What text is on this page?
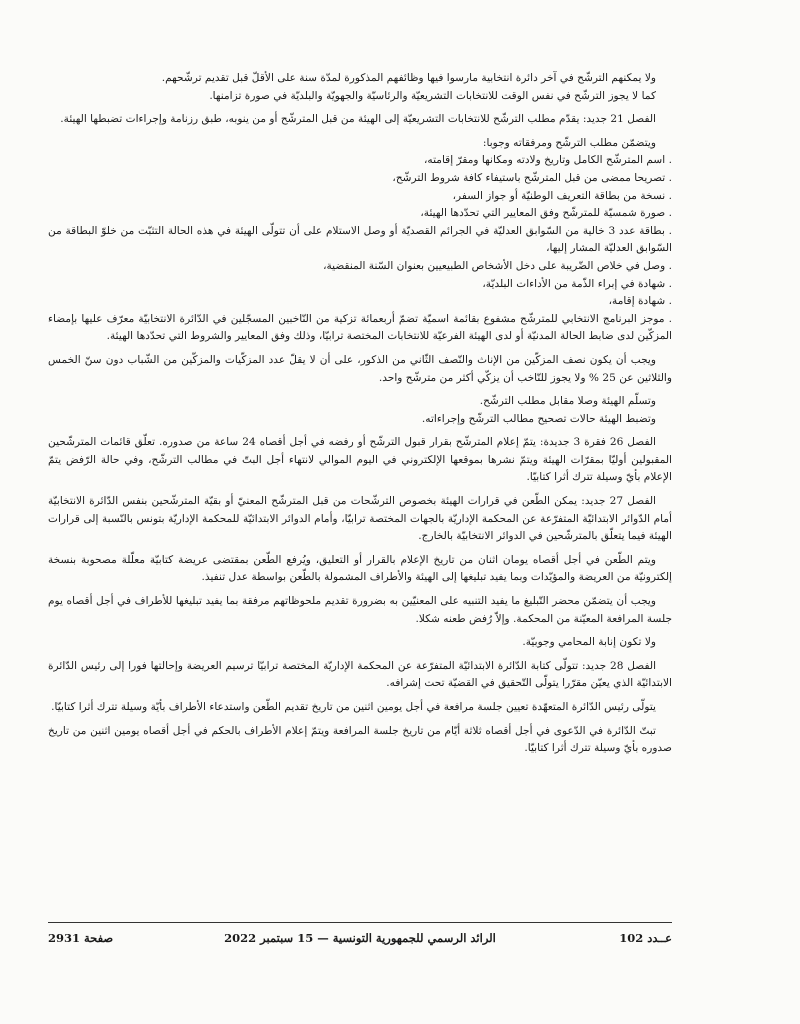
ولا يمكنهم الترشّح في آخر دائرة انتخابية مارسوا فيها وظائفهم المذكورة لمدّة سنة على الأقلّ قبل تقديم ترشّحهم.

كما لا يجوز الترشّح في نفس الوقت للانتخابات التشريعيّة والرئاسيّة والجهويّة والبلديّة في صورة تزامنها.

الفصل 21 جديد: يقدّم مطلب الترشّح للانتخابات التشريعيّة إلى الهيئة من قبل المترشّح أو من ينوبه، طبق رزنامة وإجراءات تضبطها الهيئة.

ويتضمّن مطلب الترشّح ومرفقاته وجوبا:

. اسم المترشّح الكامل وتاريخ ولادته ومكانها ومقرّ إقامته،

. تصريحا ممضى من قبل المترشّح باستيفاء كافة شروط الترشّح،

. نسخة من بطاقة التعريف الوطنيّة أو جواز السفر،

. صورة شمسيّة للمترشّح وفق المعايير التي تحدّدها الهيئة،

. بطاقة عدد 3 خالية من السّوابق العدليّة في الجرائم القصديّة أو وصل الاستلام على أن تتولّى الهيئة في هذه الحالة التثبّت من خلوّ البطاقة من السّوابق العدليّة المشار إليها،

. وصل في خلاص الضّريبة على دخل الأشخاص الطبيعيين بعنوان السّنة المنقضية،

. شهادة في إبراء الذّمة من الأداءات البلديّة،

. شهادة إقامة،

. موجز البرنامج الانتخابي للمترشّح مشفوع بقائمة اسميّة تضمّ أربعمائة تزكية من النّاخبين المسجّلين في الدّائرة الانتخابيّة معرّف عليها بإمضاء المزكّين لدى ضابط الحالة المدنيّة أو لدى الهيئة الفرعيّة للانتخابات المختصة ترابيّا، وذلك وفق المعايير والشروط التي تحدّدها الهيئة.

ويجب أن يكون نصف المزكّين من الإناث والنّصف الثّاني من الذكور، على أن لا يقلّ عدد المزكّيات والمزكّين من الشّباب دون سنّ الخمس والثلاثين عن 25 % ولا يجوز للنّاخب أن يزكّي أكثر من مترشّح واحد.

وتسلّم الهيئة وصلا مقابل مطلب الترشّح.

وتضبط الهيئة حالات تصحيح مطالب الترشّح وإجراءاته.

الفصل 26 فقرة 3 جديدة: يتمّ إعلام المترشّح بقرار قبول الترشّح أو رفضه في أجل أقصاه 24 ساعة من صدوره. تعلّق قائمات المترشّحين المقبولين أوليّا بمقرّات الهيئة ويتمّ نشرها بموقعها الإلكتروني في اليوم الموالي لانتهاء أجل البتّ في مطالب الترشّح، وفي حالة الرّفض يتمّ الإعلام بأيّ وسيلة تترك أثرا كتابيّا.

الفصل 27 جديد: يمكن الطّعن في قرارات الهيئة بخصوص الترشّحات من قبل المترشّح المعنيّ أو بقيّة المترشّحين بنفس الدّائرة الانتخابيّة أمام الدّوائر الابتدائيّة المتفرّعة عن المحكمة الإداريّة بالجهات المختصة ترابيّا، وأمام الدوائر الابتدائيّة للمحكمة الإداريّة بتونس بالنّسبة إلى قرارات الهيئة فيما يتعلّق بالمترشّحين في الدوائر الانتخابيّة بالخارج.

ويتم الطّعن في أجل أقصاه يومان اثنان من تاريخ الإعلام بالقرار أو التعليق، ويُرفع الطّعن بمقتضى عريضة كتابيّة معلّلة مصحوبة بنسخة إلكترونيّة من العريضة والمؤيّدات وبما يفيد تبليغها إلى الهيئة والأطراف المشمولة بالطّعن بواسطة عدل تنفيذ.

ويجب أن يتضمّن محضر التّبليغ ما يفيد التنبيه على المعنيّين به بضرورة تقديم ملحوظاتهم مرفقة بما يفيد تبليغها للأطراف في أجل أقصاه يوم جلسة المرافعة المعيّنة من المحكمة. وإلاّ رُفض طعنه شكلا.

ولا تكون إنابة المحامي وجوبيّة.

الفصل 28 جديد: تتولّى كتابة الدّائرة الابتدائيّة المتفرّعة عن المحكمة الإداريّة المختصة ترابيّا ترسيم العريضة وإحالتها فورا إلى رئيس الدّائرة الابتدائيّة الذي يعيّن مقرّرا يتولّى التّحقيق في القضيّة تحت إشرافه.

يتولّى رئيس الدّائرة المتعهّدة تعيين جلسة مرافعة في أجل يومين اثنين من تاريخ تقديم الطّعن واستدعاء الأطراف بأيّة وسيلة تترك أثرا كتابيّا.

تبتّ الدّائرة في الدّعوى في أجل أقصاه ثلاثة أيّام من تاريخ جلسة المرافعة ويتمّ إعلام الأطراف بالحكم في أجل أقصاه يومين اثنين من تاريخ صدوره بأيّ وسيلة تترك أثرا كتابيّا.

عــدد 102
الرائد الرسمي للجمهورية التونسية — 15 سبتمبر 2022
صفحة 2931
